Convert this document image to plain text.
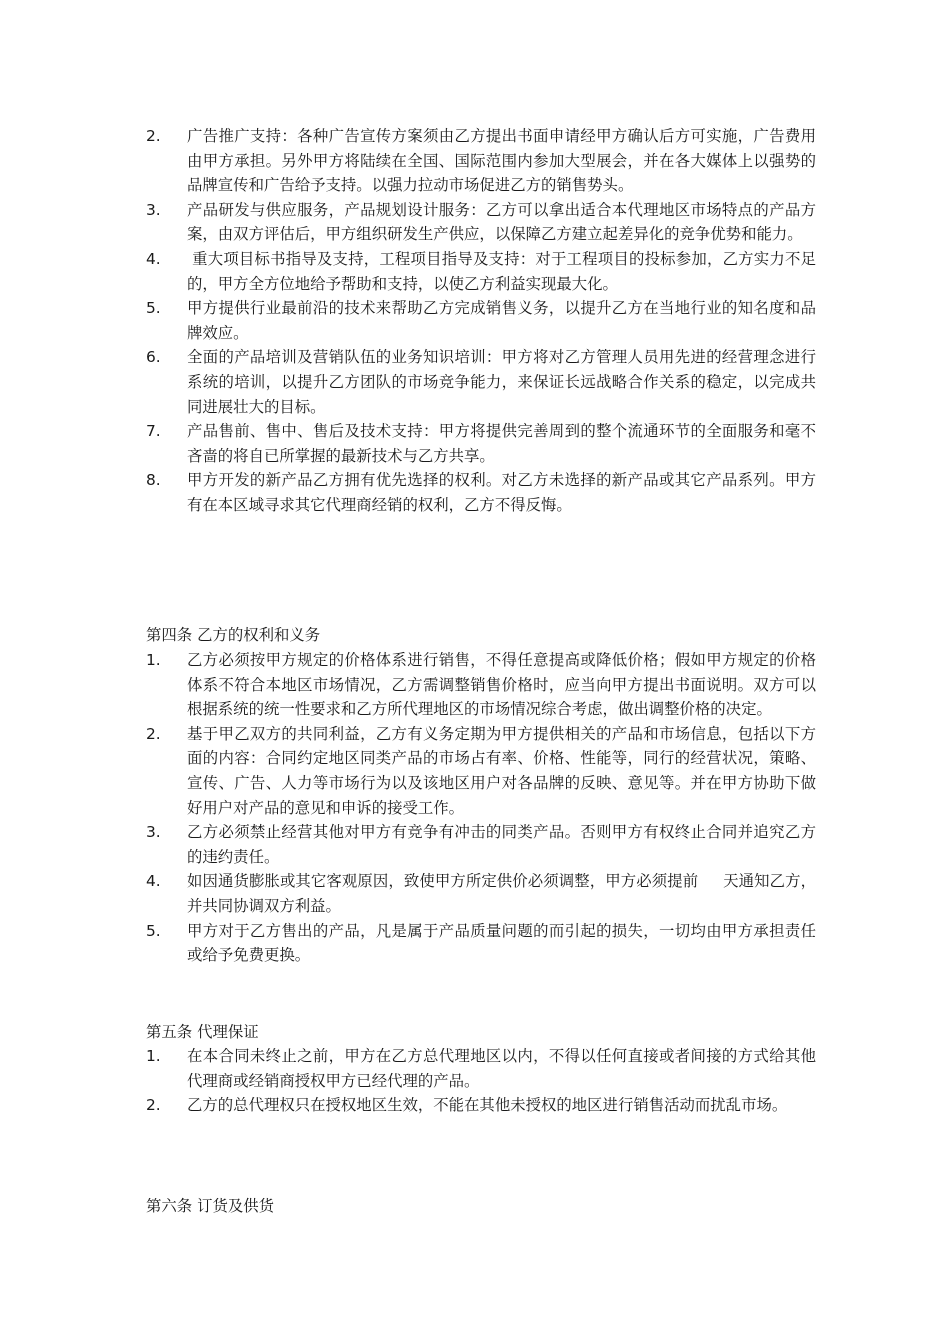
2.	广告推广支持：各种广告宣传方案须由乙方提出书面申请经甲方确认后方可实施，广告费用由甲方承担。另外甲方将陆续在全国、国际范围内参加大型展会，并在各大媒体上以强势的品牌宣传和广告给予支持。以强力拉动市场促进乙方的销售势头。
3.	产品研发与供应服务，产品规划设计服务：乙方可以拿出适合本代理地区市场特点的产品方案，由双方评估后，甲方组织研发生产供应，以保障乙方建立起差异化的竞争优势和能力。
4.	重大项目标书指导及支持，工程项目指导及支持：对于工程项目的投标参加，乙方实力不足的，甲方全方位地给予帮助和支持，以使乙方利益实现最大化。
5.	甲方提供行业最前沿的技术来帮助乙方完成销售义务，以提升乙方在当地行业的知名度和品牌效应。
6.	全面的产品培训及营销队伍的业务知识培训：甲方将对乙方管理人员用先进的经营理念进行系统的培训，以提升乙方团队的市场竞争能力，来保证长远战略合作关系的稳定，以完成共同进展壮大的目标。
7.	产品售前、售中、售后及技术支持：甲方将提供完善周到的整个流通环节的全面服务和毫不吝啬的将自已所掌握的最新技术与乙方共享。
8.	甲方开发的新产品乙方拥有优先选择的权利。对乙方未选择的新产品或其它产品系列。甲方有在本区域寻求其它代理商经销的权利，乙方不得反悔。
第四条 乙方的权利和义务
1.	乙方必须按甲方规定的价格体系进行销售，不得任意提高或降低价格；假如甲方规定的价格体系不符合本地区市场情况，乙方需调整销售价格时，应当向甲方提出书面说明。双方可以根据系统的统一性要求和乙方所代理地区的市场情况综合考虑，做出调整价格的决定。
2.	基于甲乙双方的共同利益，乙方有义务定期为甲方提供相关的产品和市场信息，包括以下方面的内容：合同约定地区同类产品的市场占有率、价格、性能等，同行的经营状况，策略、宣传、广告、人力等市场行为以及该地区用户对各品牌的反映、意见等。并在甲方协助下做好用户对产品的意见和申诉的接受工作。
3.	乙方必须禁止经营其他对甲方有竞争有冲击的同类产品。否则甲方有权终止合同并追究乙方的违约责任。
4.	如因通货膨胀或其它客观原因，致使甲方所定供价必须调整，甲方必须提前     天通知乙方，并共同协调双方利益。
5.	甲方对于乙方售出的产品，凡是属于产品质量问题的而引起的损失，一切均由甲方承担责任或给予免费更换。
第五条 代理保证
1.	在本合同未终止之前，甲方在乙方总代理地区以内，不得以任何直接或者间接的方式给其他代理商或经销商授权甲方已经代理的产品。
2.	乙方的总代理权只在授权地区生效，不能在其他未授权的地区进行销售活动而扰乱市场。
第六条 订货及供货
